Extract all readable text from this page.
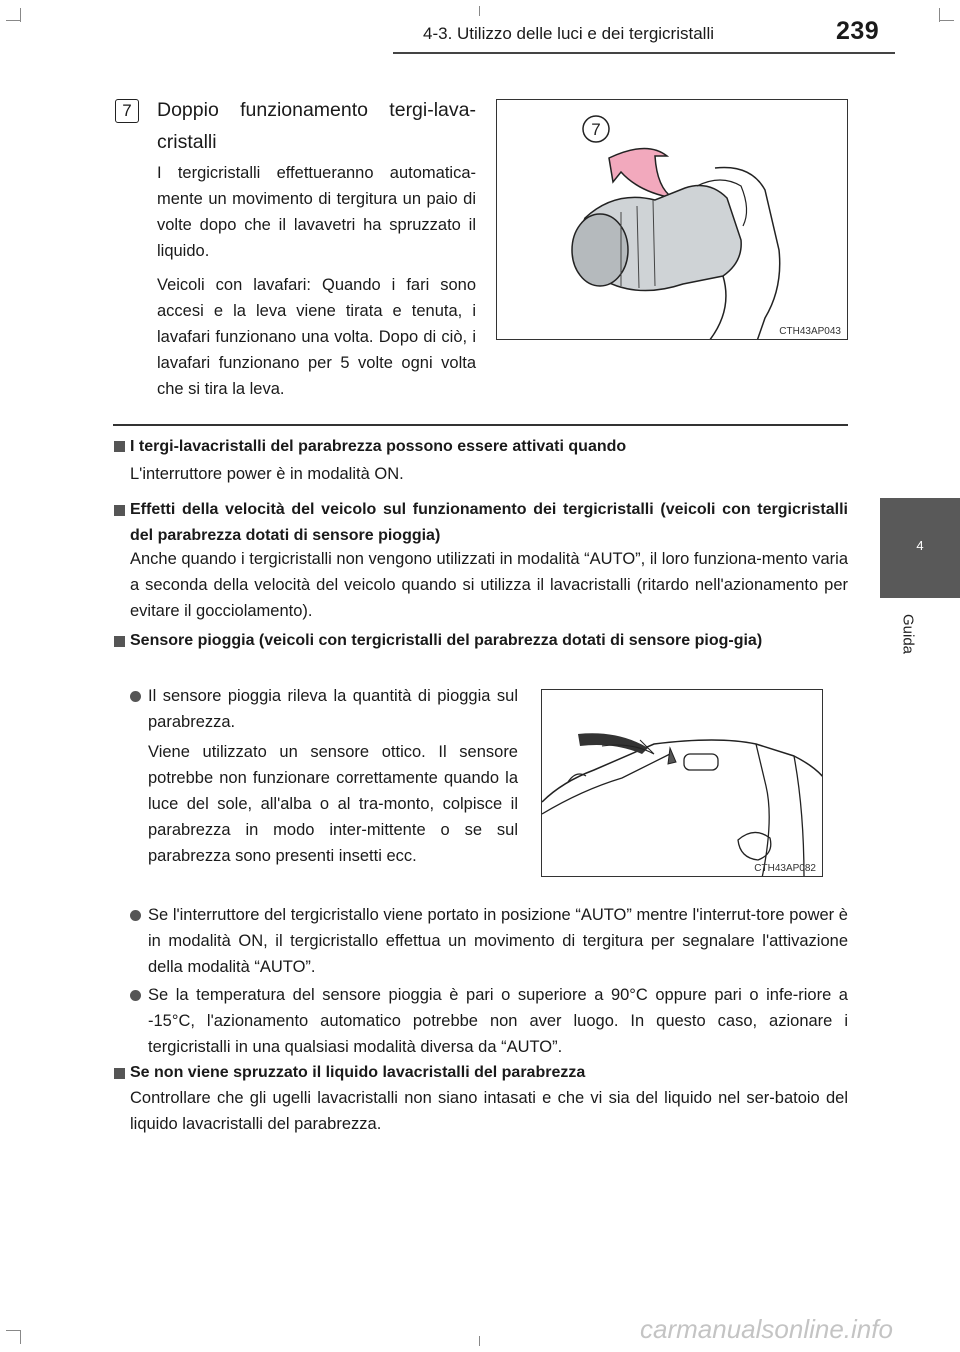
4-3. Utilizzo delle luci e dei tergicristalli	239
4
Guida
7	Doppio funzionamento tergi-lava-cristalli
I tergicristalli effettueranno automatica-mente un movimento di tergitura un paio di volte dopo che il lavavetri ha spruzzato il liquido.
Veicoli con lavafari: Quando i fari sono accesi e la leva viene tirata e tenuta, i lavafari funzionano una volta. Dopo di ciò, i lavafari funzionano per 5 volte ogni volta che si tira la leva.
7
CTH43AP043
I tergi-lavacristalli del parabrezza possono essere attivati quando
L'interruttore power è in modalità ON.
Effetti della velocità del veicolo sul funzionamento dei tergicristalli (veicoli con tergicristalli del parabrezza dotati di sensore pioggia)
Anche quando i tergicristalli non vengono utilizzati in modalità “AUTO”, il loro funziona-mento varia a seconda della velocità del veicolo quando si utilizza il lavacristalli (ritardo nell'azionamento per evitare il gocciolamento).
Sensore pioggia (veicoli con tergicristalli del parabrezza dotati di sensore piog-gia)
Il sensore pioggia rileva la quantità di pioggia sul parabrezza.
Viene utilizzato un sensore ottico. Il sensore potrebbe non funzionare correttamente quando la luce del sole, all'alba o al tra-monto, colpisce il parabrezza in modo inter-mittente o se sul parabrezza sono presenti insetti ecc.
CTH43AP082
Se l'interruttore del tergicristallo viene portato in posizione “AUTO” mentre l'interrut-tore power è in modalità ON, il tergicristallo effettua un movimento di tergitura per segnalare l'attivazione della modalità “AUTO”.
Se la temperatura del sensore pioggia è pari o superiore a 90°C oppure pari o infe-riore a -15°C, l'azionamento automatico potrebbe non aver luogo. In questo caso, azionare i tergicristalli in una qualsiasi modalità diversa da “AUTO”.
Se non viene spruzzato il liquido lavacristalli del parabrezza
Controllare che gli ugelli lavacristalli non siano intasati e che vi sia del liquido nel ser-batoio del liquido lavacristalli del parabrezza.
carmanualsonline.info
